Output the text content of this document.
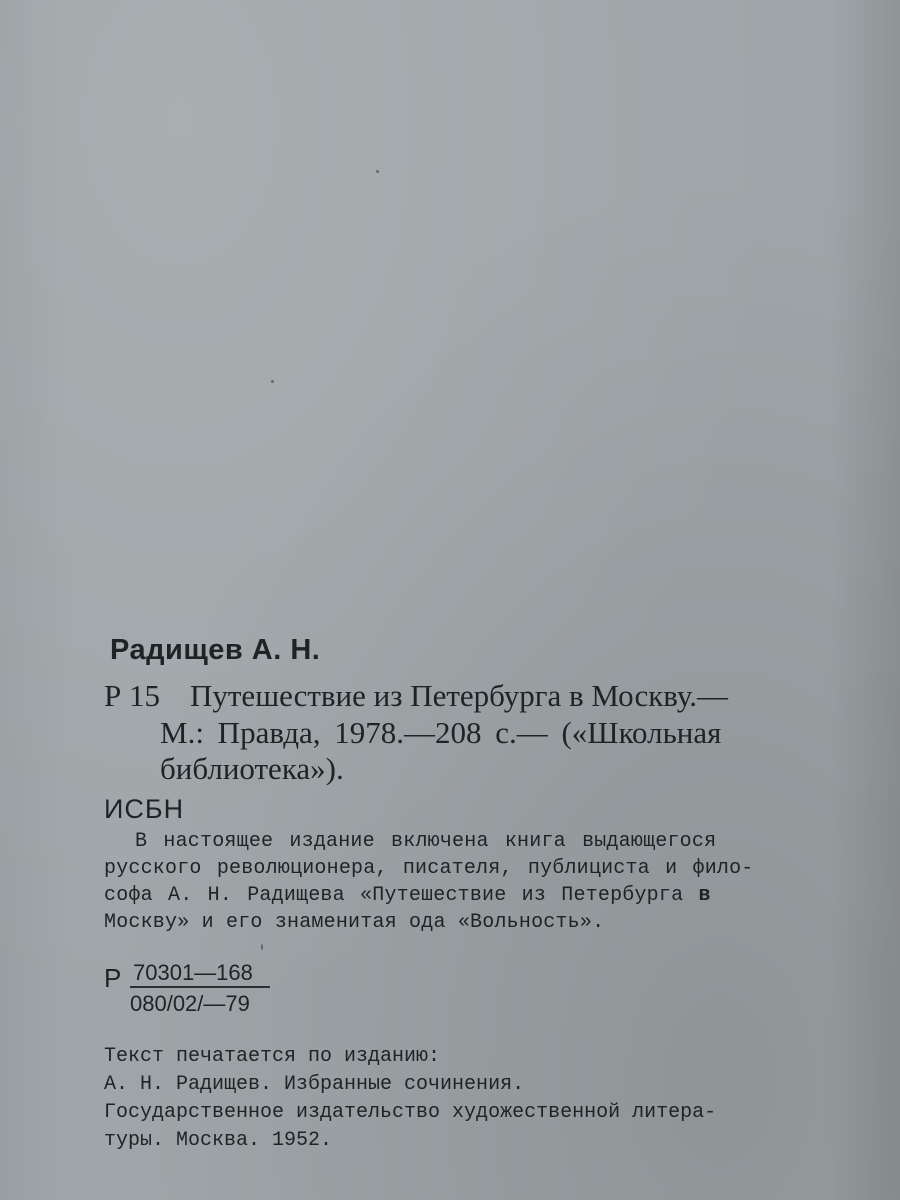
Радищев А. Н.
Р 15 Путешествие из Петербурга в Москву.—
М.: Правда, 1978.—208 с.— («Школьная
библиотека»).
ИСБН
В настоящее издание включена книга выдающегося
русского революционера, писателя, публициста и фило-
софа А. Н. Радищева «Путешествие из Петербурга в
Москву» и его знаменитая ода «Вольность».
Р 70301—168
080/02/—79
Текст печатается по изданию:
А. Н. Радищев. Избранные сочинения.
Государственное издательство художественной литера-
туры. Москва. 1952.
